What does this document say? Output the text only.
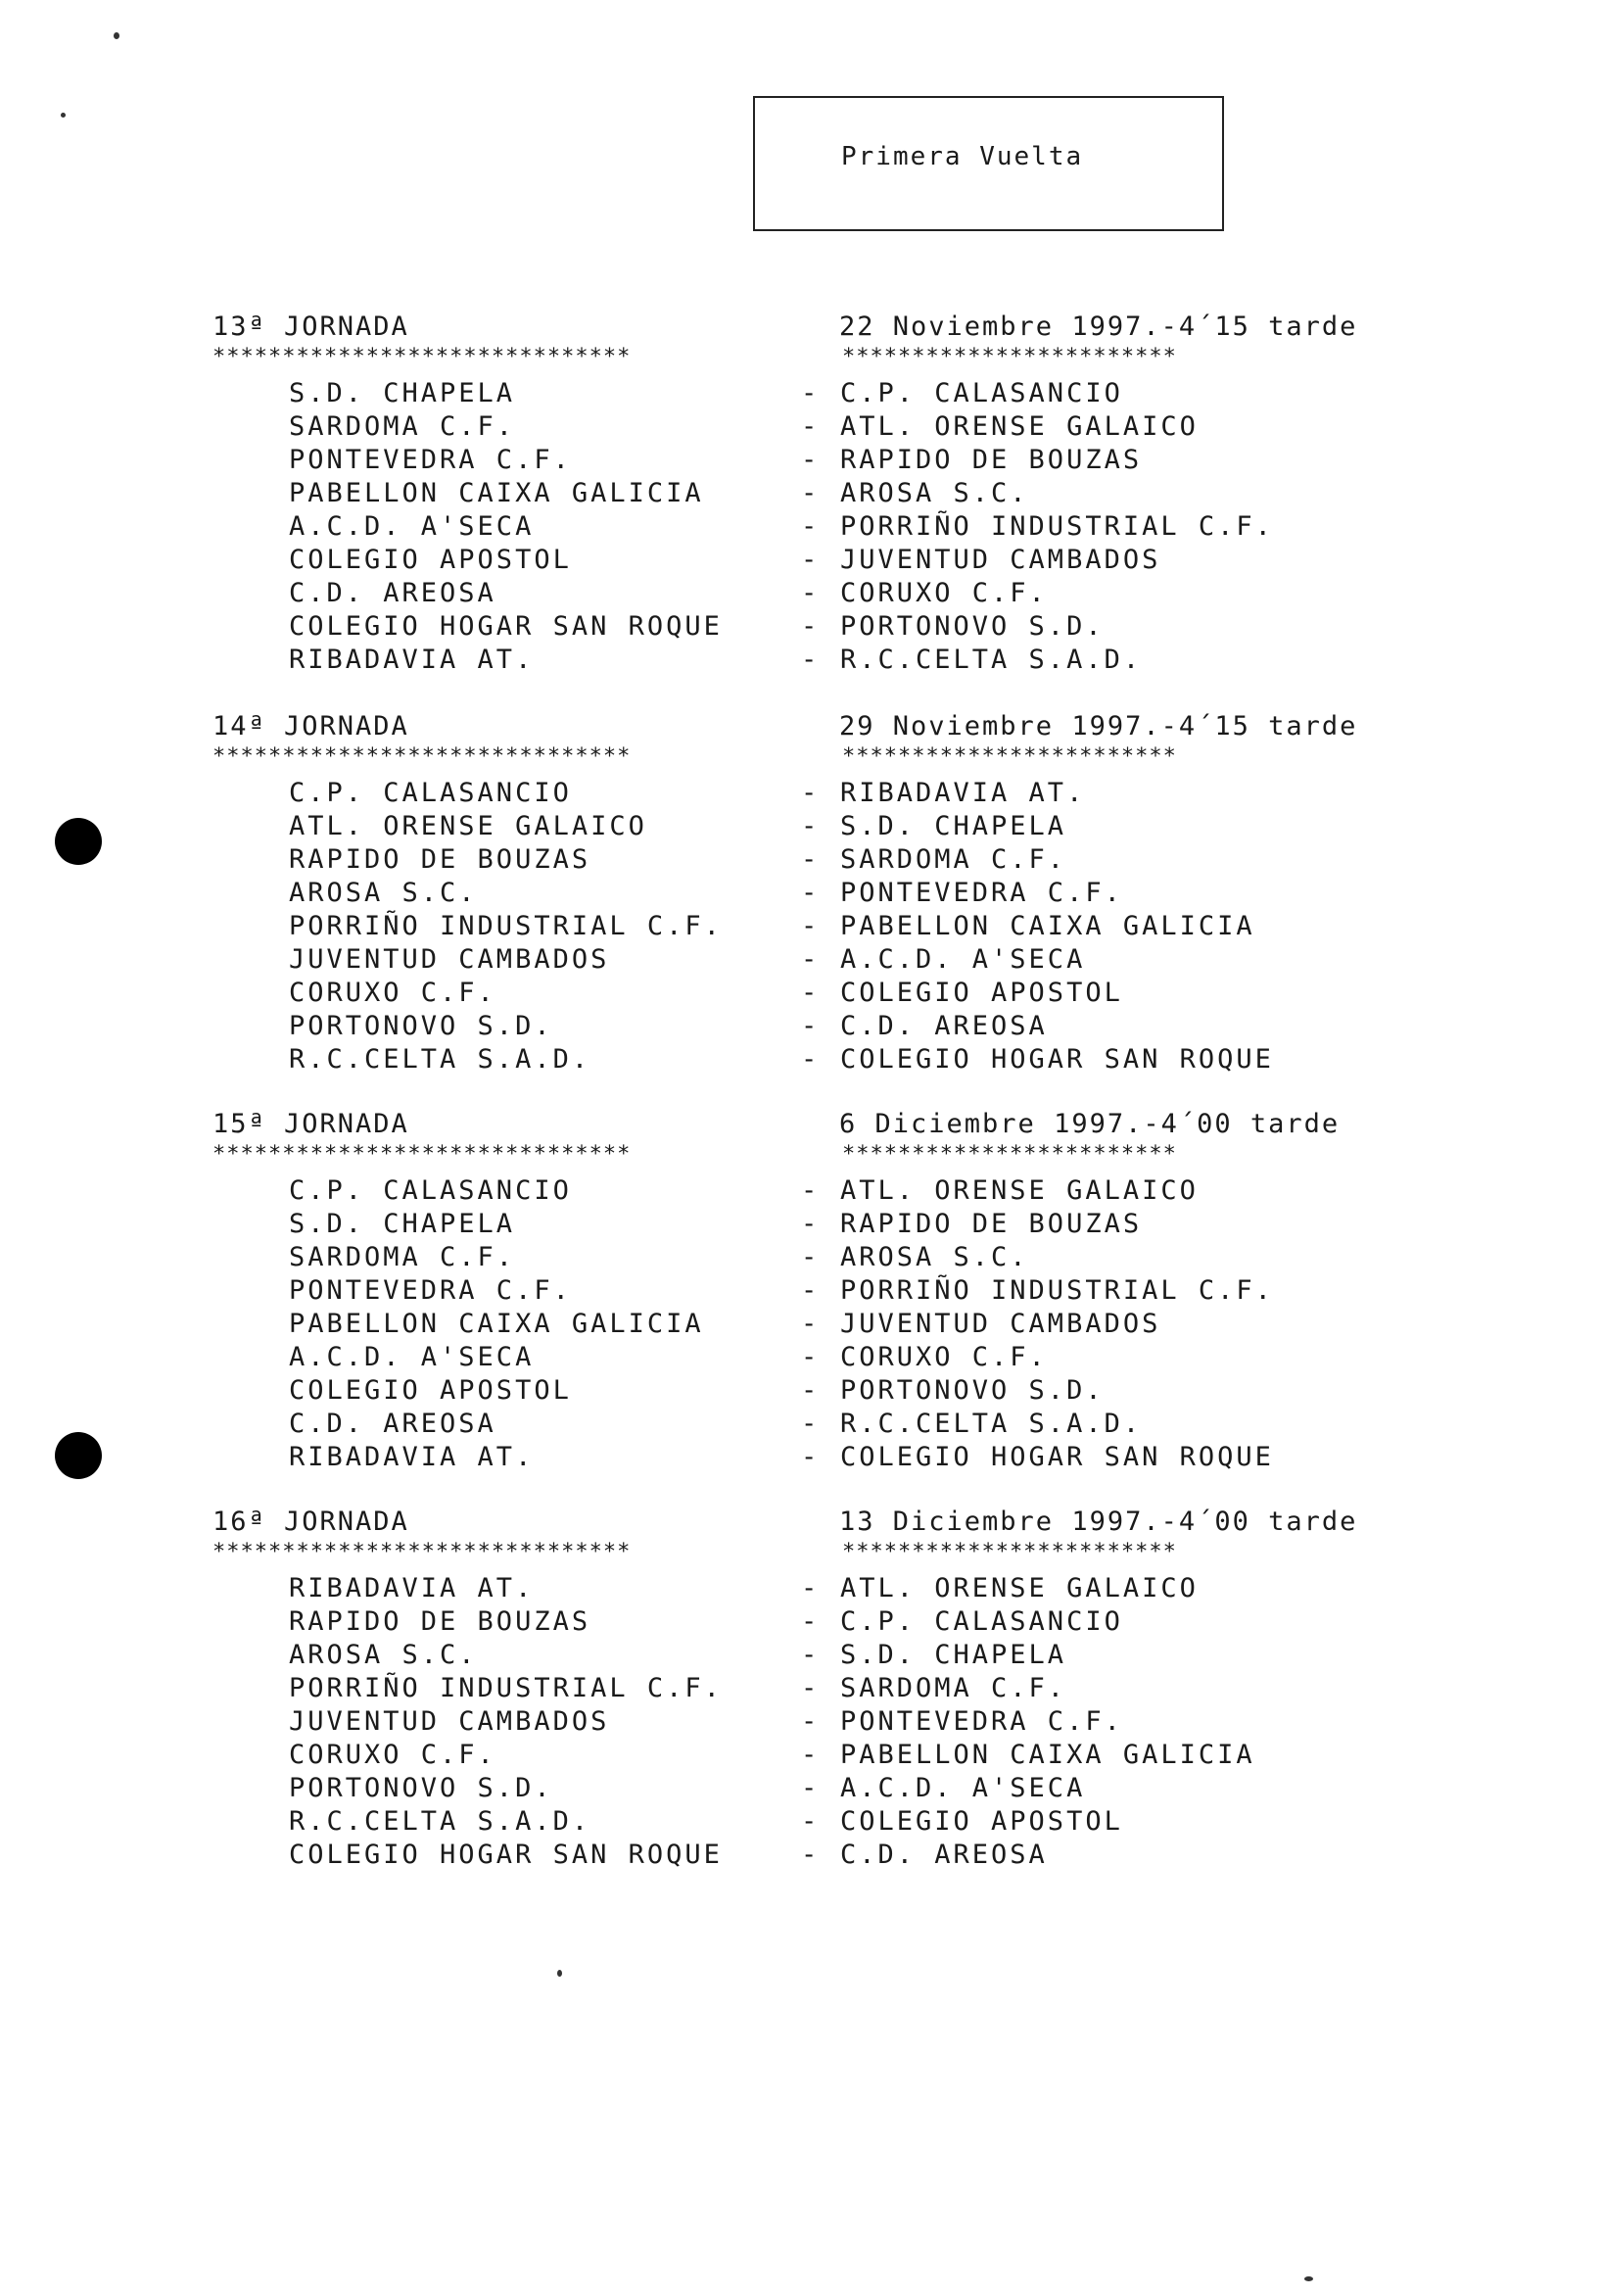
Primera Vuelta
13ª JORNADA	22 Noviembre 1997.-4´15 tarde
******************************	************************
S.D. CHAPELA	- C.P. CALASANCIO
SARDOMA C.F.	- ATL. ORENSE GALAICO
PONTEVEDRA C.F.	- RAPIDO DE BOUZAS
PABELLON CAIXA GALICIA	- AROSA S.C.
A.C.D. A'SECA	- PORRIÑO INDUSTRIAL C.F.
COLEGIO APOSTOL	- JUVENTUD CAMBADOS
C.D. AREOSA	- CORUXO C.F.
COLEGIO HOGAR SAN ROQUE	- PORTONOVO S.D.
RIBADAVIA AT.	- R.C.CELTA S.A.D.
14ª JORNADA	29 Noviembre 1997.-4´15 tarde
******************************	************************
C.P. CALASANCIO	- RIBADAVIA AT.
ATL. ORENSE GALAICO	- S.D. CHAPELA
RAPIDO DE BOUZAS	- SARDOMA C.F.
AROSA S.C.	- PONTEVEDRA C.F.
PORRIÑO INDUSTRIAL C.F.	- PABELLON CAIXA GALICIA
JUVENTUD CAMBADOS	- A.C.D. A'SECA
CORUXO C.F.	- COLEGIO APOSTOL
PORTONOVO S.D.	- C.D. AREOSA
R.C.CELTA S.A.D.	- COLEGIO HOGAR SAN ROQUE
15ª JORNADA	6 Diciembre 1997.-4´00 tarde
******************************	************************
C.P. CALASANCIO	- ATL. ORENSE GALAICO
S.D. CHAPELA	- RAPIDO DE BOUZAS
SARDOMA C.F.	- AROSA S.C.
PONTEVEDRA C.F.	- PORRIÑO INDUSTRIAL C.F.
PABELLON CAIXA GALICIA	- JUVENTUD CAMBADOS
A.C.D. A'SECA	- CORUXO C.F.
COLEGIO APOSTOL	- PORTONOVO S.D.
C.D. AREOSA	- R.C.CELTA S.A.D.
RIBADAVIA AT.	- COLEGIO HOGAR SAN ROQUE
16ª JORNADA	13 Diciembre 1997.-4´00 tarde
******************************	************************
RIBADAVIA AT.	- ATL. ORENSE GALAICO
RAPIDO DE BOUZAS	- C.P. CALASANCIO
AROSA S.C.	- S.D. CHAPELA
PORRIÑO INDUSTRIAL C.F.	- SARDOMA C.F.
JUVENTUD CAMBADOS	- PONTEVEDRA C.F.
CORUXO C.F.	- PABELLON CAIXA GALICIA
PORTONOVO S.D.	- A.C.D. A'SECA
R.C.CELTA S.A.D.	- COLEGIO APOSTOL
COLEGIO HOGAR SAN ROQUE	- C.D. AREOSA
